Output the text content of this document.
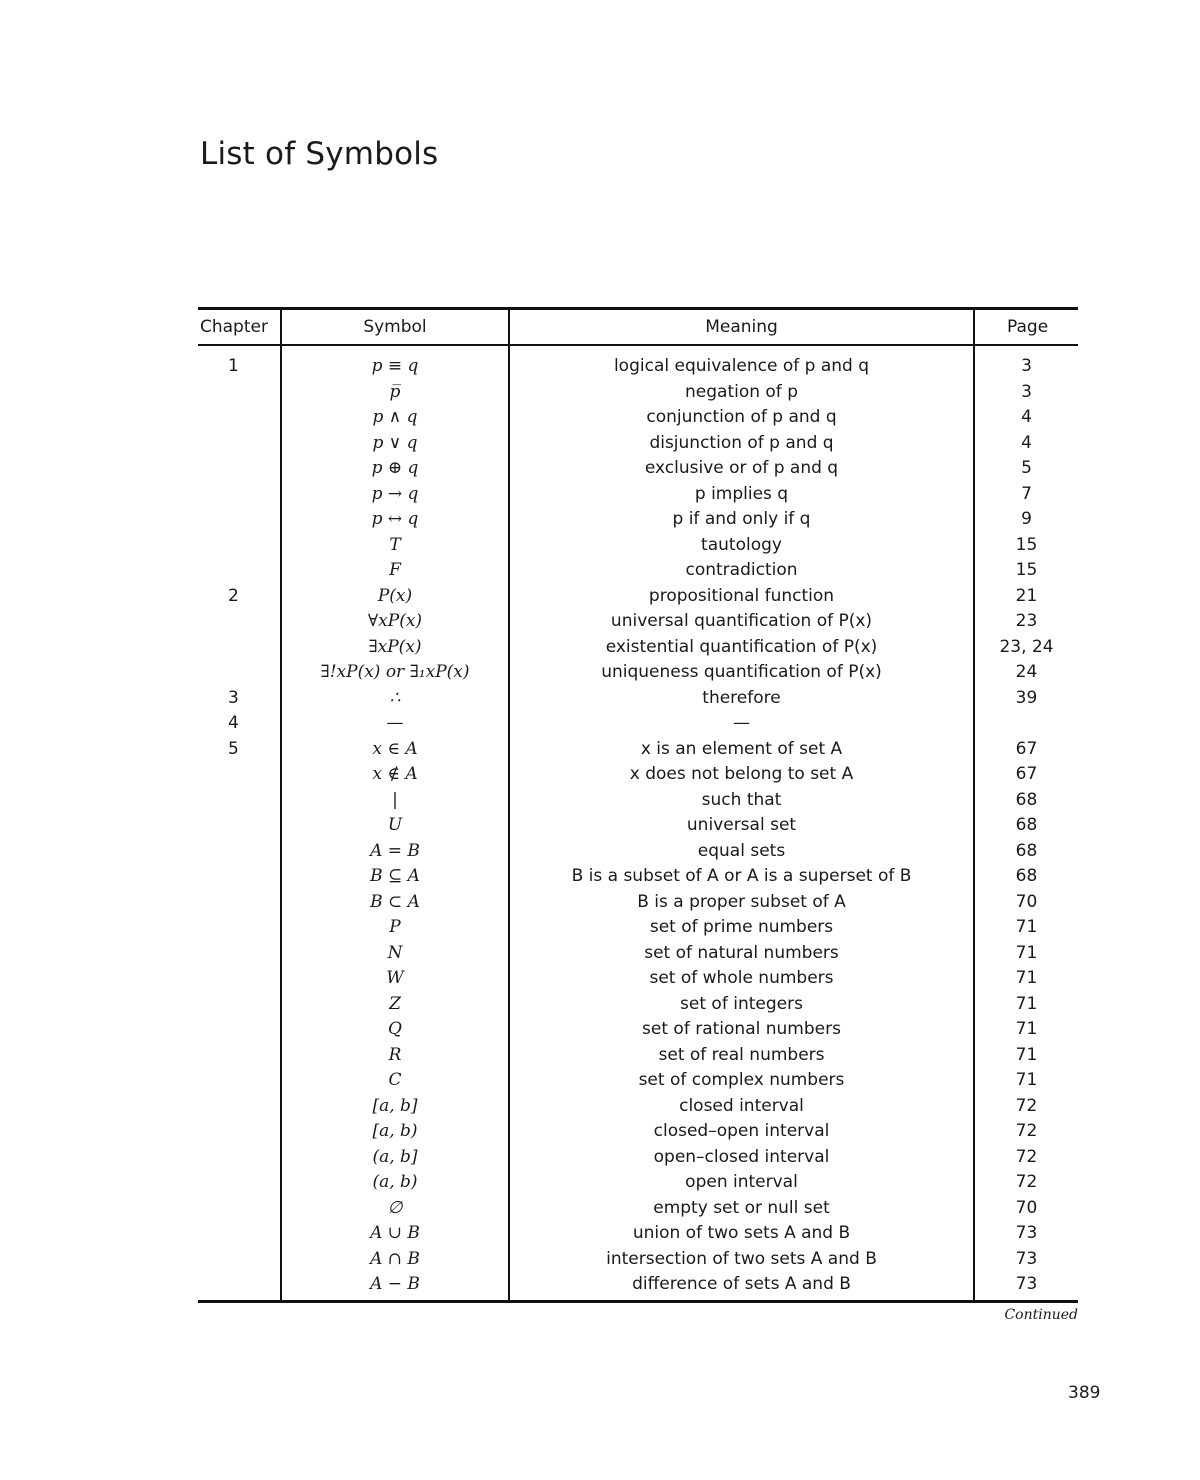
List of Symbols
Chapter	Symbol	Meaning	Page
1	p ≡ q	logical equivalence of p and q	3
	p̅	negation of p	3
	p ∧ q	conjunction of p and q	4
	p ∨ q	disjunction of p and q	4
	p ⊕ q	exclusive or of p and q	5
	p → q	p implies q	7
	p ↔ q	p if and only if q	9
	T	tautology	15
	F	contradiction	15
2	P(x)	propositional function	21
	∀xP(x)	universal quantification of P(x)	23
	∃xP(x)	existential quantification of P(x)	23, 24
	∃!xP(x) or ∃₁xP(x)	uniqueness quantification of P(x)	24
3	∴	therefore	39
4	—	—	
5	x ∈ A	x is an element of set A	67
	x ∉ A	x does not belong to set A	67
	|	such that	68
	U	universal set	68
	A = B	equal sets	68
	B ⊆ A	B is a subset of A or A is a superset of B	68
	B ⊂ A	B is a proper subset of A	70
	P	set of prime numbers	71
	N	set of natural numbers	71
	W	set of whole numbers	71
	Z	set of integers	71
	Q	set of rational numbers	71
	R	set of real numbers	71
	C	set of complex numbers	71
	[a, b]	closed interval	72
	[a, b)	closed–open interval	72
	(a, b]	open–closed interval	72
	(a, b)	open interval	72
	∅	empty set or null set	70
	A ∪ B	union of two sets A and B	73
	A ∩ B	intersection of two sets A and B	73
	A − B	difference of sets A and B	73
Continued
389
